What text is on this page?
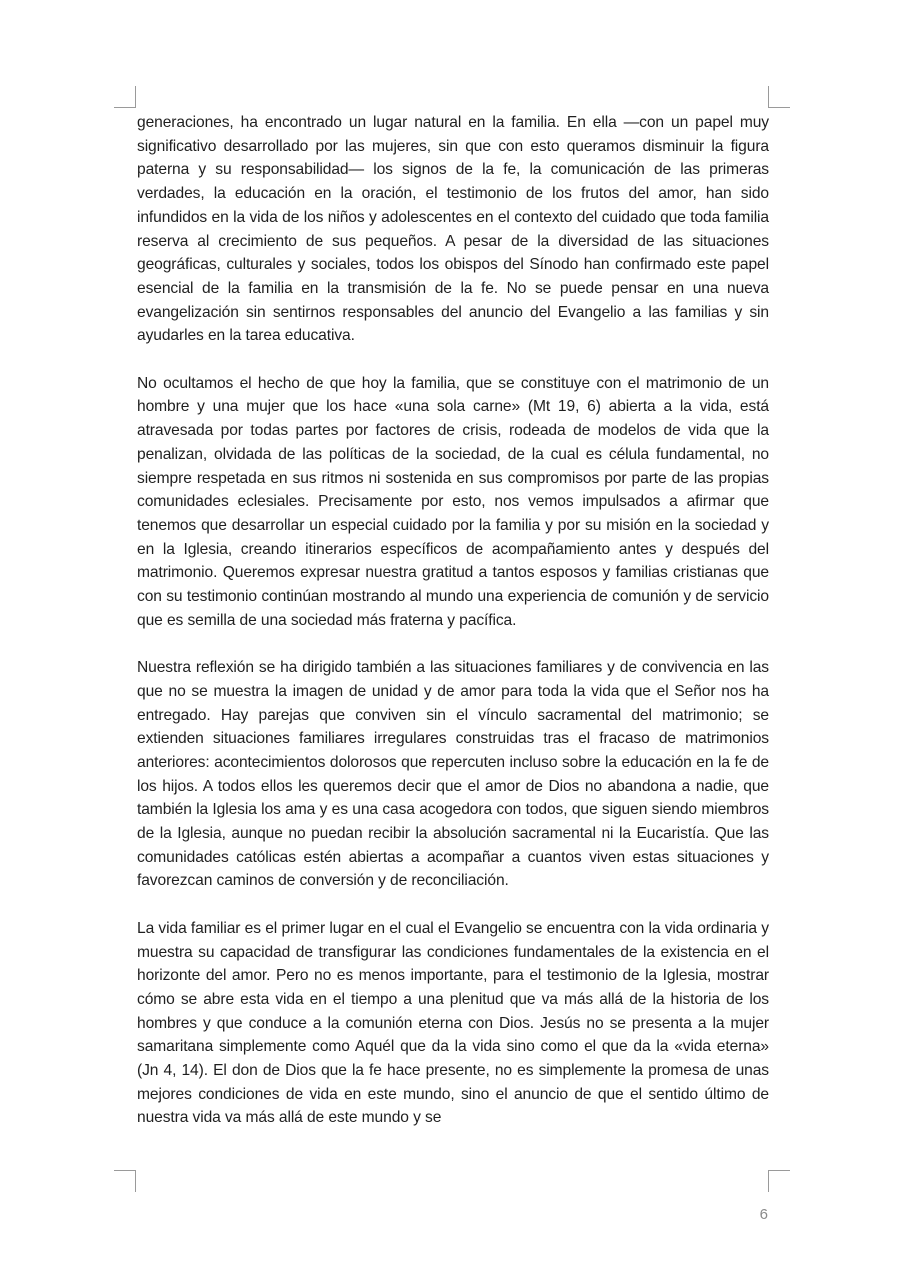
generaciones, ha encontrado un lugar natural en la familia. En ella —con un papel muy significativo desarrollado por las mujeres, sin que con esto queramos disminuir la figura paterna y su responsabilidad— los signos de la fe, la comunicación de las primeras verdades, la educación en la oración, el testimonio de los frutos del amor, han sido infundidos en la vida de los niños y adolescentes en el contexto del cuidado que toda familia reserva al crecimiento de sus pequeños. A pesar de la diversidad de las situaciones geográficas, culturales y sociales, todos los obispos del Sínodo han confirmado este papel esencial de la familia en la transmisión de la fe. No se puede pensar en una nueva evangelización sin sentirnos responsables del anuncio del Evangelio a las familias y sin ayudarles en la tarea educativa.

No ocultamos el hecho de que hoy la familia, que se constituye con el matrimonio de un hombre y una mujer que los hace «una sola carne» (Mt 19, 6) abierta a la vida, está atravesada por todas partes por factores de crisis, rodeada de modelos de vida que la penalizan, olvidada de las políticas de la sociedad, de la cual es célula fundamental, no siempre respetada en sus ritmos ni sostenida en sus compromisos por parte de las propias comunidades eclesiales. Precisamente por esto, nos vemos impulsados a afirmar que tenemos que desarrollar un especial cuidado por la familia y por su misión en la sociedad y en la Iglesia, creando itinerarios específicos de acompañamiento antes y después del matrimonio. Queremos expresar nuestra gratitud a tantos esposos y familias cristianas que con su testimonio continúan mostrando al mundo una experiencia de comunión y de servicio que es semilla de una sociedad más fraterna y pacífica.

Nuestra reflexión se ha dirigido también a las situaciones familiares y de convivencia en las que no se muestra la imagen de unidad y de amor para toda la vida que el Señor nos ha entregado. Hay parejas que conviven sin el vínculo sacramental del matrimonio; se extienden situaciones familiares irregulares construidas tras el fracaso de matrimonios anteriores: acontecimientos dolorosos que repercuten incluso sobre la educación en la fe de los hijos. A todos ellos les queremos decir que el amor de Dios no abandona a nadie, que también la Iglesia los ama y es una casa acogedora con todos, que siguen siendo miembros de la Iglesia, aunque no puedan recibir la absolución sacramental ni la Eucaristía. Que las comunidades católicas estén abiertas a acompañar a cuantos viven estas situaciones y favorezcan caminos de conversión y de reconciliación.

La vida familiar es el primer lugar en el cual el Evangelio se encuentra con la vida ordinaria y muestra su capacidad de transfigurar las condiciones fundamentales de la existencia en el horizonte del amor. Pero no es menos importante, para el testimonio de la Iglesia, mostrar cómo se abre esta vida en el tiempo a una plenitud que va más allá de la historia de los hombres y que conduce a la comunión eterna con Dios. Jesús no se presenta a la mujer samaritana simplemente como Aquél que da la vida sino como el que da la «vida eterna» (Jn 4, 14). El don de Dios que la fe hace presente, no es simplemente la promesa de unas mejores condiciones de vida en este mundo, sino el anuncio de que el sentido último de nuestra vida va más allá de este mundo y se

6
